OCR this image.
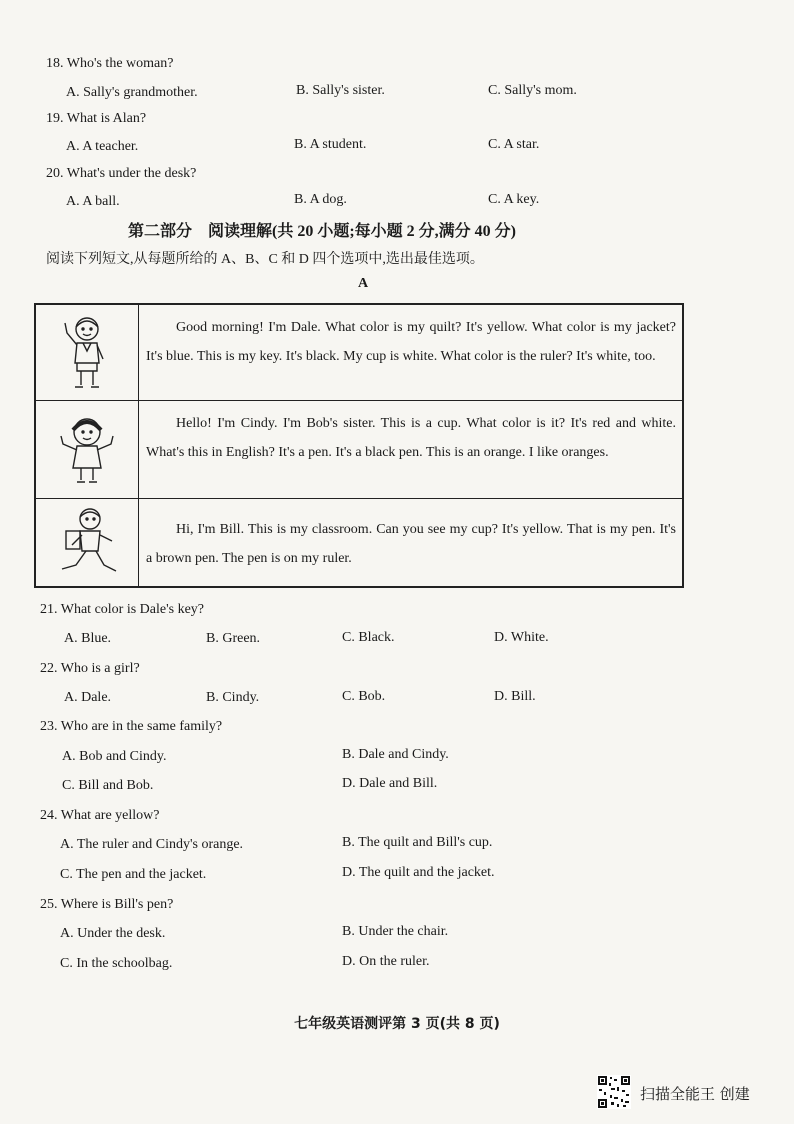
18. Who's the woman?
A. Sally's grandmother.	B. Sally's sister.	C. Sally's mom.
19. What is Alan?
A. A teacher.	B. A student.	C. A star.
20. What's under the desk?
A. A ball.	B. A dog.	C. A key.
第二部分　阅读理解(共 20 小题;每小题 2 分,满分 40 分)
阅读下列短文,从每题所给的 A、B、C 和 D 四个选项中,选出最佳选项。
A
Good morning! I'm Dale. What color is my quilt? It's yellow. What color is my jacket? It's blue. This is my key. It's black. My cup is white. What color is the ruler? It's white, too.
Hello! I'm Cindy. I'm Bob's sister. This is a cup. What color is it? It's red and white. What's this in English? It's a pen. It's a black pen. This is an orange. I like oranges.
Hi, I'm Bill. This is my classroom. Can you see my cup? It's yellow. That is my pen. It's a brown pen. The pen is on my ruler.
21. What color is Dale's key?
A. Blue.	B. Green.	C. Black.	D. White.
22. Who is a girl?
A. Dale.	B. Cindy.	C. Bob.	D. Bill.
23. Who are in the same family?
A. Bob and Cindy.	B. Dale and Cindy.
C. Bill and Bob.	D. Dale and Bill.
24. What are yellow?
A. The ruler and Cindy's orange.	B. The quilt and Bill's cup.
C. The pen and the jacket.	D. The quilt and the jacket.
25. Where is Bill's pen?
A. Under the desk.	B. Under the chair.
C. In the schoolbag.	D. On the ruler.
七年级英语测评第 3 页(共 8 页)
扫描全能王 创建
